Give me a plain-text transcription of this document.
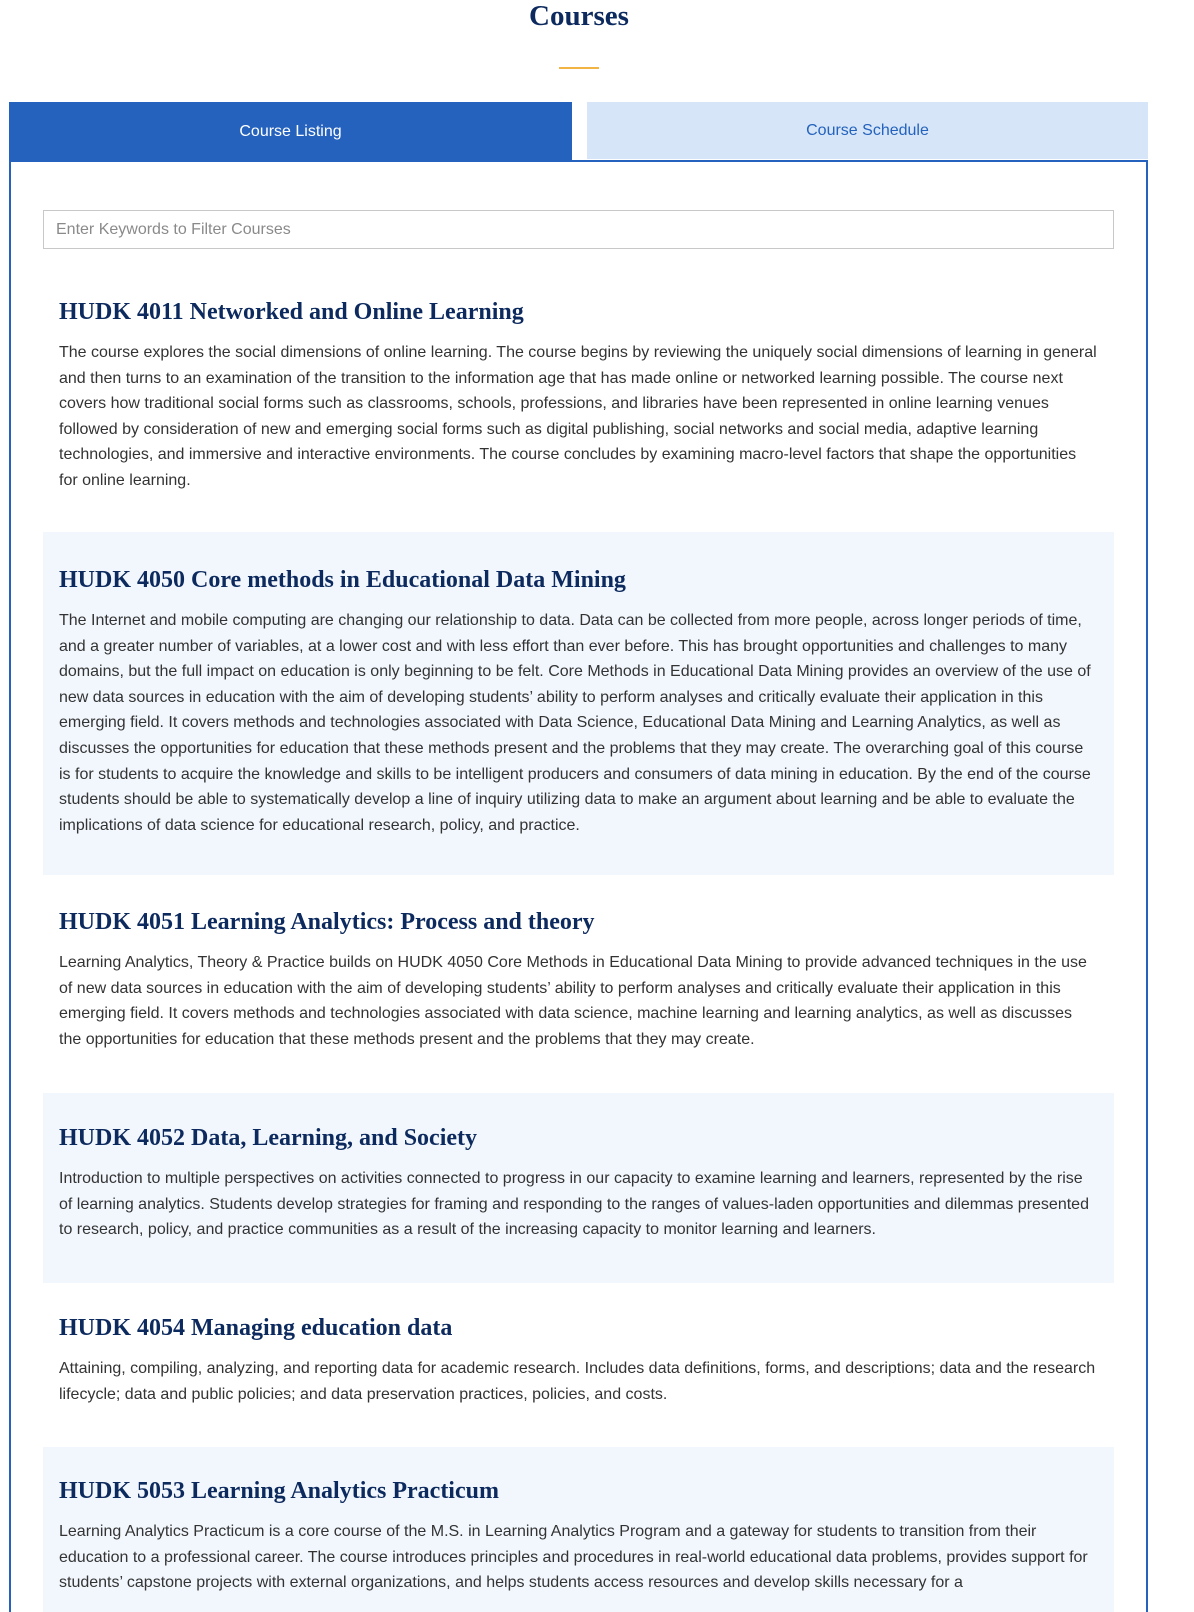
Courses
Course Listing	Course Schedule
Enter Keywords to Filter Courses
HUDK 4011 Networked and Online Learning

The course explores the social dimensions of online learning. The course begins by reviewing the uniquely social dimensions of learning in general and then turns to an examination of the transition to the information age that has made online or networked learning possible. The course next covers how traditional social forms such as classrooms, schools, professions, and libraries have been represented in online learning venues followed by consideration of new and emerging social forms such as digital publishing, social networks and social media, adaptive learning technologies, and immersive and interactive environments. The course concludes by examining macro-level factors that shape the opportunities for online learning.

HUDK 4050 Core methods in Educational Data Mining

The Internet and mobile computing are changing our relationship to data. Data can be collected from more people, across longer periods of time, and a greater number of variables, at a lower cost and with less effort than ever before. This has brought opportunities and challenges to many domains, but the full impact on education is only beginning to be felt. Core Methods in Educational Data Mining provides an overview of the use of new data sources in education with the aim of developing students’ ability to perform analyses and critically evaluate their application in this emerging field. It covers methods and technologies associated with Data Science, Educational Data Mining and Learning Analytics, as well as discusses the opportunities for education that these methods present and the problems that they may create. The overarching goal of this course is for students to acquire the knowledge and skills to be intelligent producers and consumers of data mining in education. By the end of the course students should be able to systematically develop a line of inquiry utilizing data to make an argument about learning and be able to evaluate the implications of data science for educational research, policy, and practice.

HUDK 4051 Learning Analytics: Process and theory

Learning Analytics, Theory & Practice builds on HUDK 4050 Core Methods in Educational Data Mining to provide advanced techniques in the use of new data sources in education with the aim of developing students’ ability to perform analyses and critically evaluate their application in this emerging field. It covers methods and technologies associated with data science, machine learning and learning analytics, as well as discusses the opportunities for education that these methods present and the problems that they may create.

HUDK 4052 Data, Learning, and Society

Introduction to multiple perspectives on activities connected to progress in our capacity to examine learning and learners, represented by the rise of learning analytics. Students develop strategies for framing and responding to the ranges of values-laden opportunities and dilemmas presented to research, policy, and practice communities as a result of the increasing capacity to monitor learning and learners.

HUDK 4054 Managing education data

Attaining, compiling, analyzing, and reporting data for academic research. Includes data definitions, forms, and descriptions; data and the research lifecycle; data and public policies; and data preservation practices, policies, and costs.

HUDK 5053 Learning Analytics Practicum

Learning Analytics Practicum is a core course of the M.S. in Learning Analytics Program and a gateway for students to transition from their education to a professional career. The course introduces principles and procedures in real-world educational data problems, provides support for students’ capstone projects with external organizations, and helps students access resources and develop skills necessary for a
